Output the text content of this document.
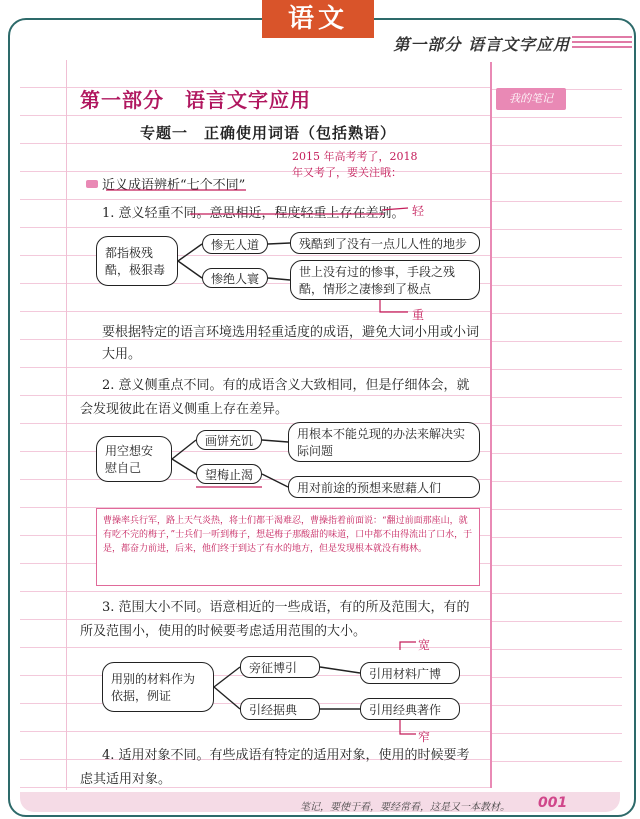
语文
第一部分 语言文字应用
我的笔记
第一部分　语言文字应用
专题一　正确使用词语（包括熟语）
2015 年高考考了，2018
年又考了，要关注哦：
近义成语辨析“七个不同”
1. 意义轻重不同。意思相近，程度轻重上存在差别。 轻
重
都指极残酷，极狠毒
惨无人道
惨绝人寰
残酷到了没有一点儿人性的地步
世上没有过的惨事，手段之残酷，情形之凄惨到了极点
要根据特定的语言环境选用轻重适度的成语，避免大词小用或小词大用。
2. 意义侧重点不同。有的成语含义大致相同，但是仔细体会，就会发现彼此在语义侧重上存在差异。
用空想安慰自己
画饼充饥
望梅止渴
用根本不能兑现的办法来解决实际问题
用对前途的预想来慰藉人们
曹操率兵行军，路上天气炎热，将士们都干渴难忍，曹操指着前面说：“翻过前面那座山，就有吃不完的梅子，”士兵们一听到梅子，想起梅子那酸甜的味道，口中都不由得流出了口水，于是，都奋力前进，后来，他们终于到达了有水的地方，但是发现根本就没有梅林。
3. 范围大小不同。语意相近的一些成语，有的所及范围大，有的所及范围小，使用的时候要考虑适用范围的大小。
宽
窄
用别的材料作为依据，例证
旁征博引
引经据典
引用材料广博
引用经典著作
4. 适用对象不同。有些成语有特定的适用对象，使用的时候要考虑其适用对象。
笔记，要使于看，要经常看，这是又一本教材。 001
